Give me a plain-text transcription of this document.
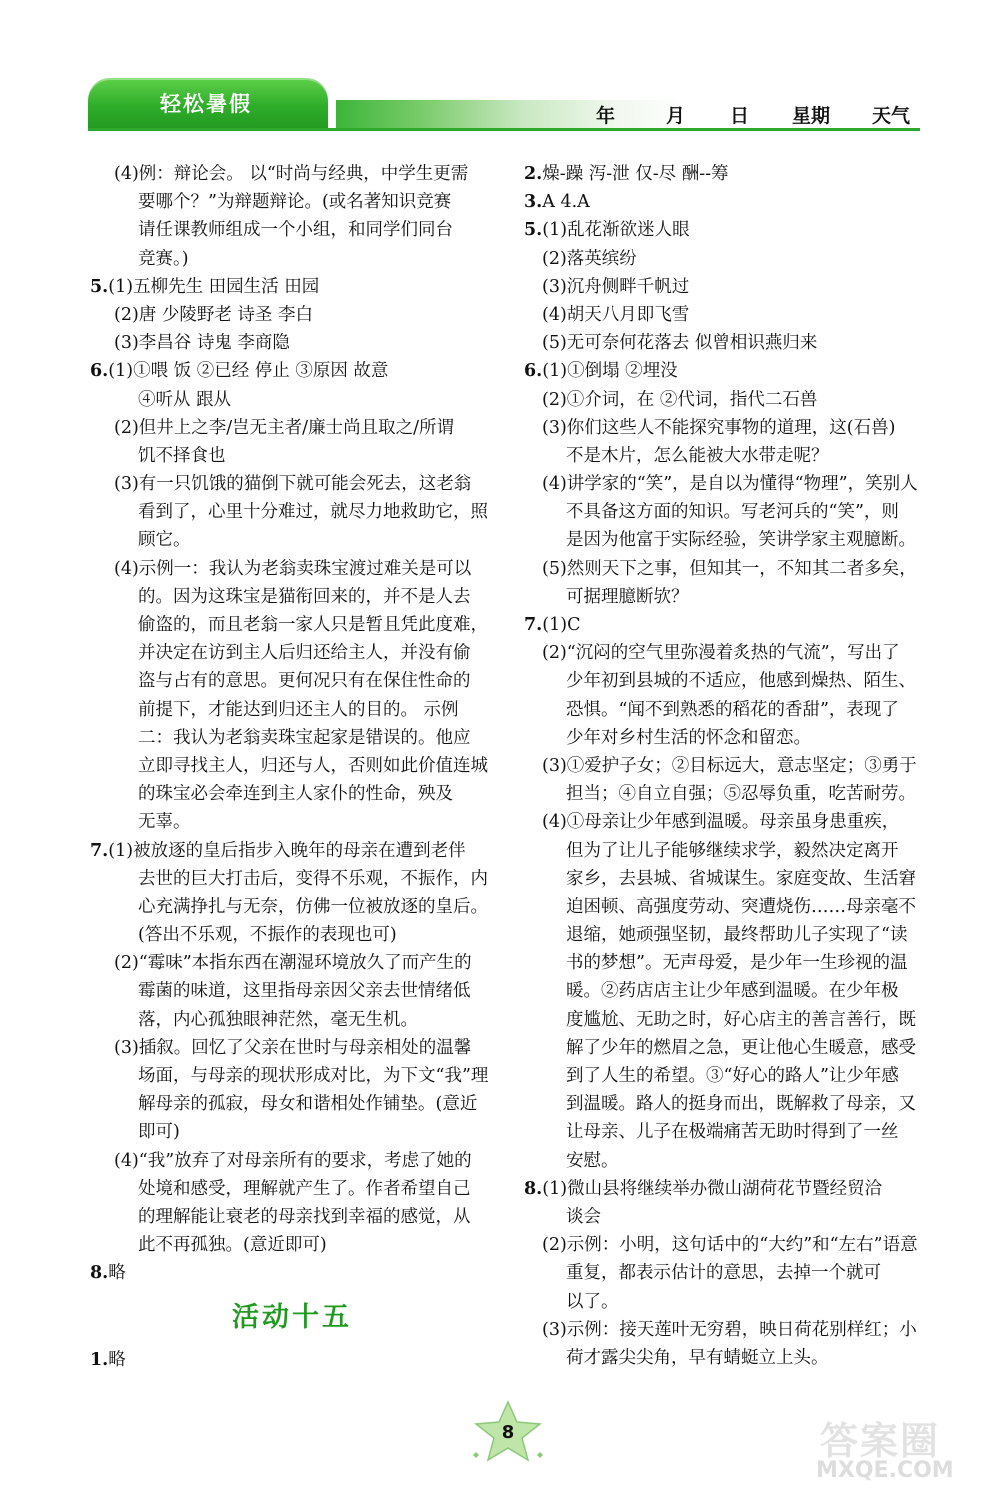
轻松暑假	年	月	日	星期	天气
(4)例：辩论会。 以“时尚与经典，中学生更需
要哪个？”为辩题辩论。(或名著知识竞赛
请任课教师组成一个小组，和同学们同台
竞赛。)
5.(1)五柳先生 田园生活 田园
(2)唐 少陵野老 诗圣 李白
(3)李昌谷 诗鬼 李商隐
6.(1)①喂 饭 ②已经 停止 ③原因 故意
④听从 跟从
(2)但井上之李/岂无主者/廉士尚且取之/所谓
饥不择食也
(3)有一只饥饿的猫倒下就可能会死去，这老翁
看到了，心里十分难过，就尽力地救助它，照
顾它。
(4)示例一：我认为老翁卖珠宝渡过难关是可以
的。因为这珠宝是猫衔回来的，并不是人去
偷盗的，而且老翁一家人只是暂且凭此度难，
并决定在访到主人后归还给主人，并没有偷
盗与占有的意思。更何况只有在保住性命的
前提下，才能达到归还主人的目的。 示例
二：我认为老翁卖珠宝起家是错误的。他应
立即寻找主人，归还与人，否则如此价值连城
的珠宝必会牵连到主人家仆的性命，殃及
无辜。
7.(1)被放逐的皇后指步入晚年的母亲在遭到老伴
去世的巨大打击后，变得不乐观，不振作，内
心充满挣扎与无奈，仿佛一位被放逐的皇后。
(答出不乐观，不振作的表现也可)
(2)“霉味”本指东西在潮湿环境放久了而产生的
霉菌的味道，这里指母亲因父亲去世情绪低
落，内心孤独眼神茫然，毫无生机。
(3)插叙。回忆了父亲在世时与母亲相处的温馨
场面，与母亲的现状形成对比，为下文“我”理
解母亲的孤寂，母女和谐相处作铺垫。(意近
即可)
(4)“我”放弃了对母亲所有的要求，考虑了她的
处境和感受，理解就产生了。作者希望自己
的理解能让衰老的母亲找到幸福的感觉，从
此不再孤独。(意近即可)
8.略
2.燥-躁 泻-泄 仅-尽 酬--筹
3.A 4.A
5.(1)乱花渐欲迷人眼
(2)落英缤纷
(3)沉舟侧畔千帆过
(4)胡天八月即飞雪
(5)无可奈何花落去 似曾相识燕归来
6.(1)①倒塌 ②埋没
(2)①介词，在 ②代词，指代二石兽
(3)你们这些人不能探究事物的道理，这(石兽)
不是木片，怎么能被大水带走呢？
(4)讲学家的“笑”，是自以为懂得“物理”，笑别人
不具备这方面的知识。写老河兵的“笑”，则
是因为他富于实际经验，笑讲学家主观臆断。
(5)然则天下之事，但知其一，不知其二者多矣，
可据理臆断欤？
7.(1)C
(2)“沉闷的空气里弥漫着炙热的气流”，写出了
少年初到县城的不适应，他感到燥热、陌生、
恐惧。“闻不到熟悉的稻花的香甜”，表现了
少年对乡村生活的怀念和留恋。
(3)①爱护子女；②目标远大，意志坚定；③勇于
担当；④自立自强；⑤忍辱负重，吃苦耐劳。
(4)①母亲让少年感到温暖。母亲虽身患重疾，
但为了让儿子能够继续求学，毅然决定离开
家乡，去县城、省城谋生。家庭变故、生活窘
迫困顿、高强度劳动、突遭烧伤……母亲毫不
退缩，她顽强坚韧，最终帮助儿子实现了“读
书的梦想”。无声母爱，是少年一生珍视的温
暖。②药店店主让少年感到温暖。在少年极
度尴尬、无助之时，好心店主的善言善行，既
解了少年的燃眉之急，更让他心生暖意，感受
到了人生的希望。③“好心的路人”让少年感
到温暖。路人的挺身而出，既解救了母亲，又
让母亲、儿子在极端痛苦无助时得到了一丝
安慰。
8.(1)微山县将继续举办微山湖荷花节暨经贸洽
谈会
(2)示例：小明，这句话中的“大约”和“左右”语意
重复，都表示估计的意思，去掉一个就可
以了。
(3)示例：接天莲叶无穷碧，映日荷花别样红；小
荷才露尖尖角，早有蜻蜓立上头。
活动十五
1.略
8	答案圈
MXQE.COM
